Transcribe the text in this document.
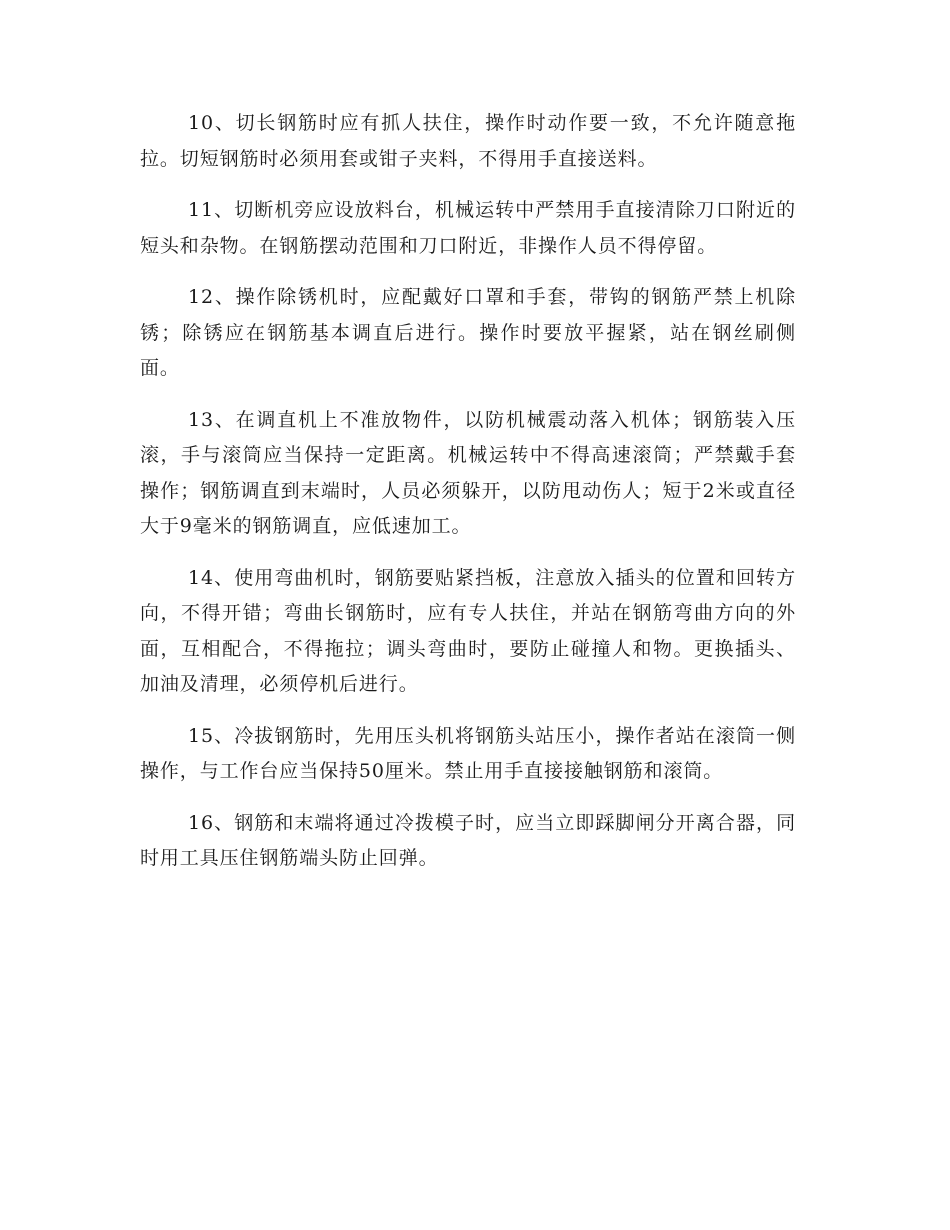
10、切长钢筋时应有抓人扶住，操作时动作要一致，不允许随意拖拉。切短钢筋时必须用套或钳子夹料，不得用手直接送料。

11、切断机旁应设放料台，机械运转中严禁用手直接清除刀口附近的短头和杂物。在钢筋摆动范围和刀口附近，非操作人员不得停留。

12、操作除锈机时，应配戴好口罩和手套，带钩的钢筋严禁上机除锈；除锈应在钢筋基本调直后进行。操作时要放平握紧，站在钢丝刷侧面。

13、在调直机上不准放物件，以防机械震动落入机体；钢筋装入压滚，手与滚筒应当保持一定距离。机械运转中不得高速滚筒；严禁戴手套操作；钢筋调直到末端时，人员必须躲开，以防甩动伤人；短于2米或直径大于9毫米的钢筋调直，应低速加工。

14、使用弯曲机时，钢筋要贴紧挡板，注意放入插头的位置和回转方向，不得开错；弯曲长钢筋时，应有专人扶住，并站在钢筋弯曲方向的外面，互相配合，不得拖拉；调头弯曲时，要防止碰撞人和物。更换插头、加油及清理，必须停机后进行。

15、冷拔钢筋时，先用压头机将钢筋头站压小，操作者站在滚筒一侧操作，与工作台应当保持50厘米。禁止用手直接接触钢筋和滚筒。

16、钢筋和末端将通过冷拨模子时，应当立即踩脚闸分开离合器，同时用工具压住钢筋端头防止回弹。
